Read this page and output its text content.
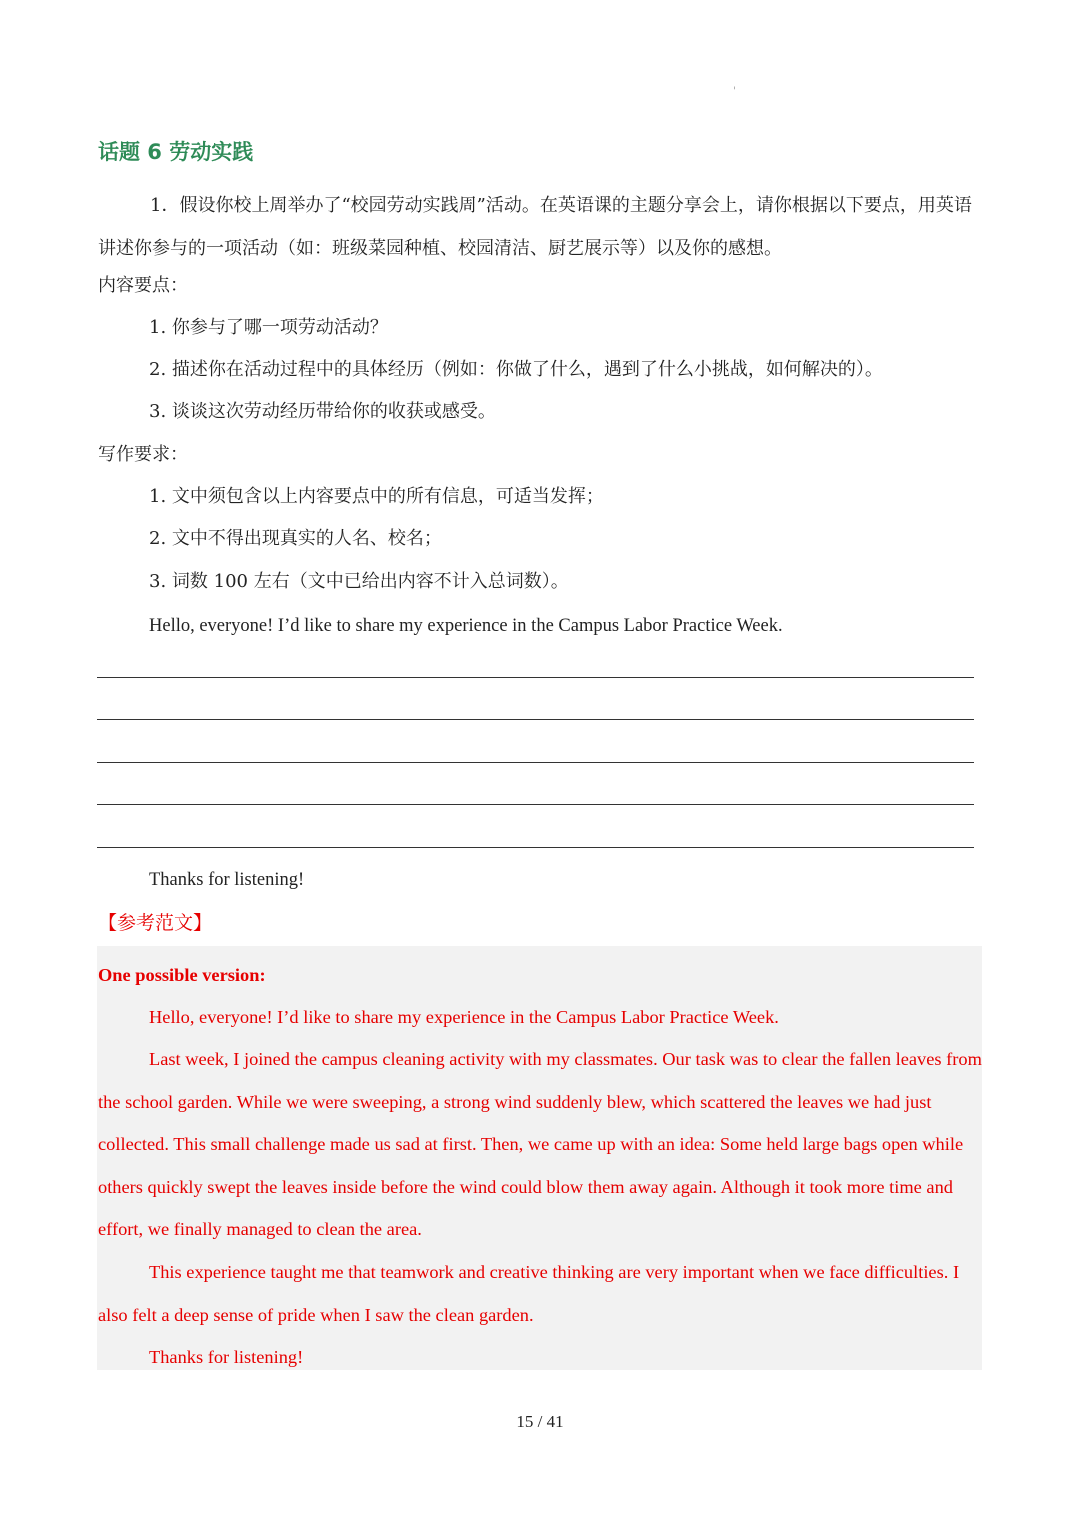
'
话题 6 劳动实践
1．假设你校上周举办了“校园劳动实践周”活动。在英语课的主题分享会上，请你根据以下要点，用英语讲述你参与的一项活动（如：班级菜园种植、校园清洁、厨艺展示等）以及你的感想。
内容要点：
1. 你参与了哪一项劳动活动？
2. 描述你在活动过程中的具体经历（例如：你做了什么，遇到了什么小挑战，如何解决的）。
3. 谈谈这次劳动经历带给你的收获或感受。
写作要求：
1. 文中须包含以上内容要点中的所有信息，可适当发挥；
2. 文中不得出现真实的人名、校名；
3. 词数 100 左右（文中已给出内容不计入总词数）。
Hello, everyone! I’d like to share my experience in the Campus Labor Practice Week.
Thanks for listening!
【参考范文】
One possible version:
Hello, everyone! I’d like to share my experience in the Campus Labor Practice Week.
Last week, I joined the campus cleaning activity with my classmates. Our task was to clear the fallen leaves from the school garden. While we were sweeping, a strong wind suddenly blew, which scattered the leaves we had just collected. This small challenge made us sad at first. Then, we came up with an idea: Some held large bags open while others quickly swept the leaves inside before the wind could blow them away again. Although it took more time and effort, we finally managed to clean the area.
This experience taught me that teamwork and creative thinking are very important when we face difficulties. I also felt a deep sense of pride when I saw the clean garden.
Thanks for listening!
15 / 41
